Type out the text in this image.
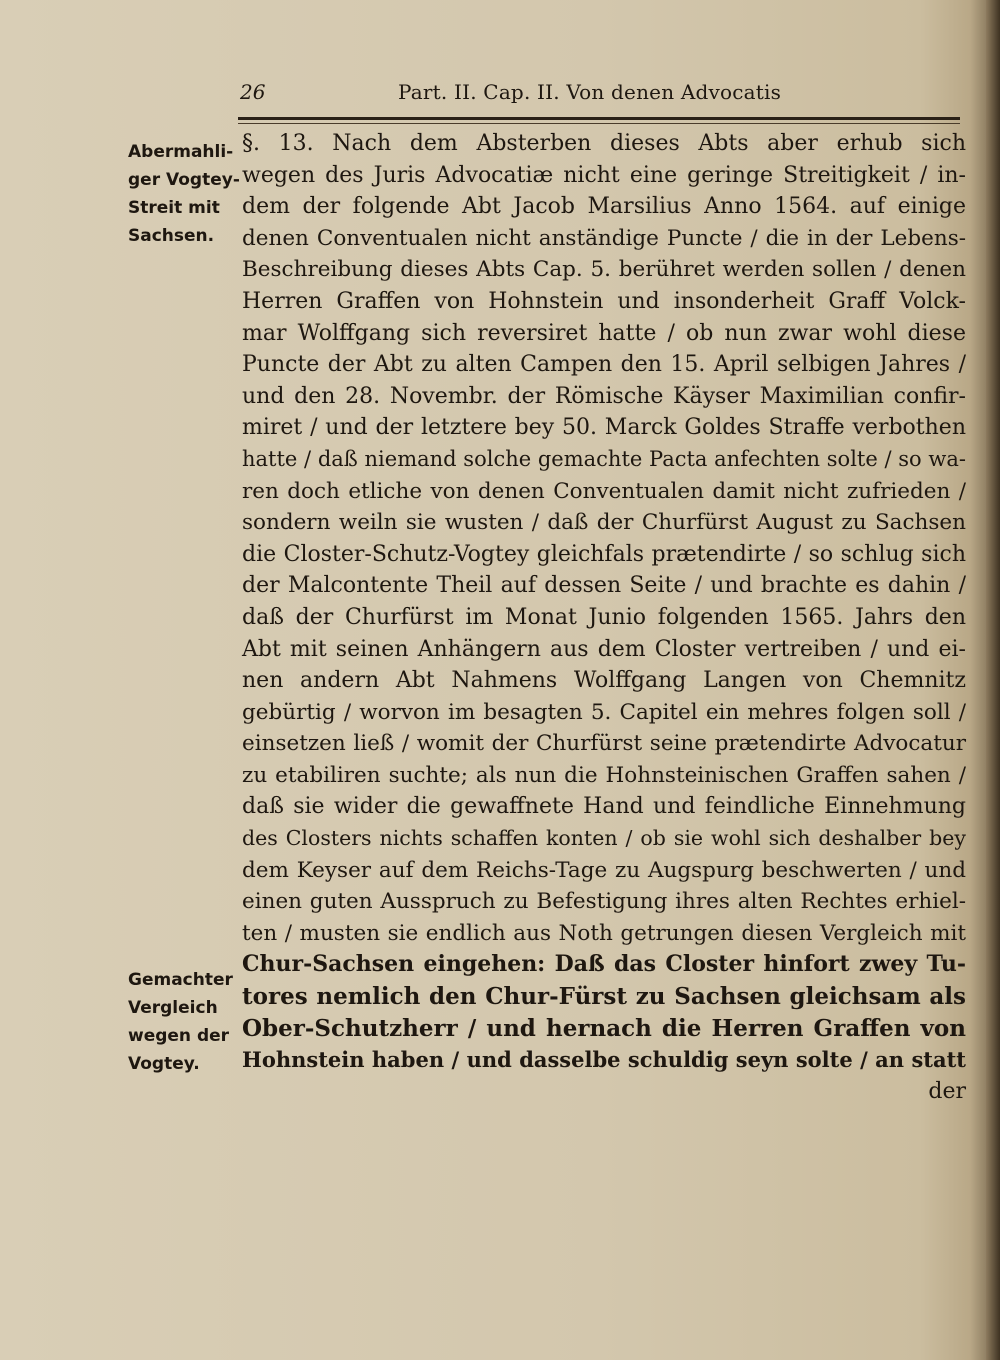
26	Part. II. Cap. II. Von denen Advocatis
Abermahli-
ger Vogtey-
Streit mit
Sachsen.
Gemachter
Vergleich
wegen der
Vogtey.
§. 13. Nach dem Absterben dieses Abts aber erhub sich
wegen des Juris Advocatiæ nicht eine geringe Streitigkeit / in-
dem der folgende Abt Jacob Marsilius Anno 1564. auf einige
denen Conventualen nicht anständige Puncte / die in der Lebens-
Beschreibung dieses Abts Cap. 5. berühret werden sollen / denen
Herren Graffen von Hohnstein und insonderheit Graff Volck-
mar Wolffgang sich reversiret hatte / ob nun zwar wohl diese
Puncte der Abt zu alten Campen den 15. April selbigen Jahres /
und den 28. Novembr. der Römische Käyser Maximilian confir-
miret / und der letztere bey 50. Marck Goldes Straffe verbothen
hatte / daß niemand solche gemachte Pacta anfechten solte / so wa-
ren doch etliche von denen Conventualen damit nicht zufrieden /
sondern weiln sie wusten / daß der Churfürst August zu Sachsen
die Closter-Schutz-Vogtey gleichfals prætendirte / so schlug sich
der Malcontente Theil auf dessen Seite / und brachte es dahin /
daß der Churfürst im Monat Junio folgenden 1565. Jahrs den
Abt mit seinen Anhängern aus dem Closter vertreiben / und ei-
nen andern Abt Nahmens Wolffgang Langen von Chemnitz
gebürtig / worvon im besagten 5. Capitel ein mehres folgen soll /
einsetzen ließ / womit der Churfürst seine prætendirte Advocatur
zu etabiliren suchte; als nun die Hohnsteinischen Graffen sahen /
daß sie wider die gewaffnete Hand und feindliche Einnehmung
des Closters nichts schaffen konten / ob sie wohl sich deshalber bey
dem Keyser auf dem Reichs-Tage zu Augspurg beschwerten / und
einen guten Ausspruch zu Befestigung ihres alten Rechtes erhiel-
ten / musten sie endlich aus Noth getrungen diesen Vergleich mit
Chur-Sachsen eingehen: Daß das Closter hinfort zwey Tu-
tores nemlich den Chur-Fürst zu Sachsen gleichsam als
Ober-Schutzherr / und hernach die Herren Graffen von
Hohnstein haben / und dasselbe schuldig seyn solte / an statt
der
